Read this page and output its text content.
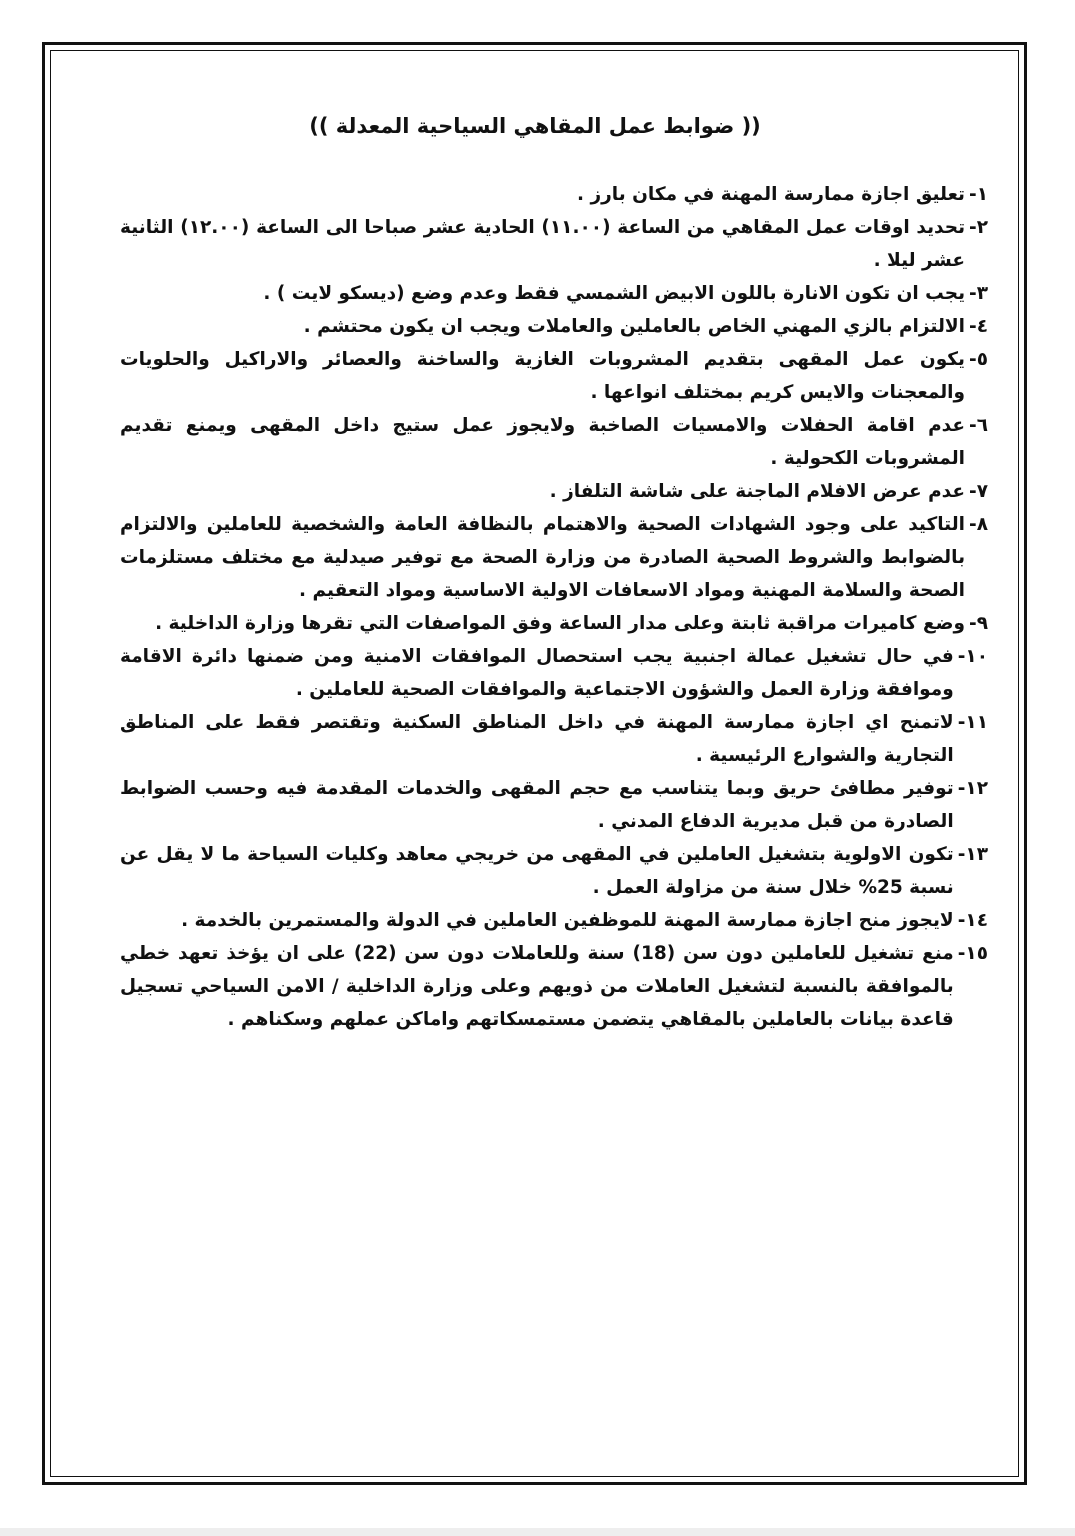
(( ضوابط عمل المقاهي السياحية المعدلة ))
١-
تعليق اجازة ممارسة المهنة في مكان بارز .
٢-
تحديد اوقات عمل المقاهي من الساعة (١١.٠٠) الحادية عشر صباحا الى الساعة (١٢.٠٠) الثانية عشر ليلا .
٣-
يجب ان تكون الانارة باللون الابيض الشمسي فقط وعدم وضع (ديسكو لايت ) .
٤-
الالتزام بالزي المهني الخاص بالعاملين والعاملات ويجب ان يكون محتشم .
٥-
يكون عمل المقهى بتقديم المشروبات الغازية والساخنة والعصائر والاراكيل والحلويات والمعجنات والايس كريم بمختلف انواعها .
٦-
عدم اقامة الحفلات والامسيات الصاخبة ولايجوز عمل ستيج داخل المقهى ويمنع تقديم المشروبات الكحولية .
٧-
عدم عرض الافلام الماجنة على شاشة التلفاز .
٨-
التاكيد على وجود الشهادات الصحية والاهتمام بالنظافة العامة والشخصية للعاملين والالتزام بالضوابط والشروط الصحية الصادرة من وزارة الصحة مع توفير صيدلية مع مختلف مستلزمات الصحة والسلامة المهنية ومواد الاسعافات الاولية الاساسية ومواد التعقيم .
٩-
وضع كاميرات مراقبة ثابتة وعلى مدار الساعة وفق المواصفات التي تقرها وزارة الداخلية .
١٠-
في حال تشغيل عمالة اجنبية يجب استحصال الموافقات الامنية ومن ضمنها دائرة الاقامة وموافقة وزارة العمل والشؤون الاجتماعية والموافقات الصحية للعاملين .
١١-
لاتمنح اي اجازة ممارسة المهنة في داخل المناطق السكنية وتقتصر فقط على المناطق التجارية والشوارع الرئيسية .
١٢-
توفير مطافئ حريق وبما يتناسب مع حجم المقهى والخدمات المقدمة فيه وحسب الضوابط الصادرة من قبل مديرية الدفاع المدني .
١٣-
تكون الاولوية بتشغيل العاملين في المقهى من خريجي معاهد وكليات السياحة ما لا يقل عن نسبة 25% خلال سنة من مزاولة العمل .
١٤-
لايجوز منح اجازة ممارسة المهنة للموظفين العاملين في الدولة والمستمرين بالخدمة .
١٥-
منع تشغيل للعاملين دون سن (18) سنة وللعاملات دون سن (22) على ان يؤخذ تعهد خطي بالموافقة بالنسبة لتشغيل العاملات من ذويهم وعلى وزارة الداخلية / الامن السياحي تسجيل قاعدة بيانات بالعاملين بالمقاهي يتضمن مستمسكاتهم واماكن عملهم وسكناهم .
